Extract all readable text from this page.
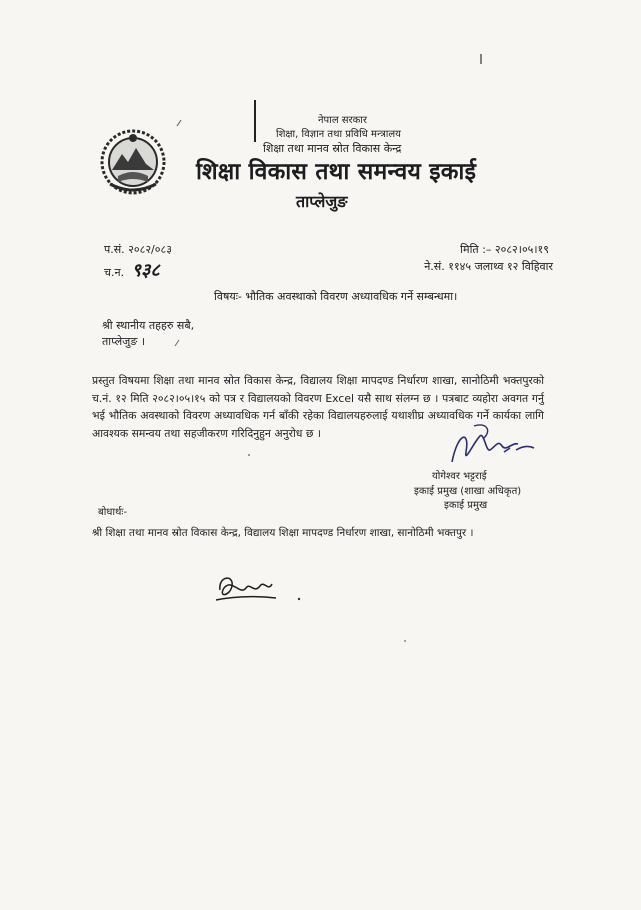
नेपाल सरकार
शिक्षा, विज्ञान तथा प्रविधि मन्त्रालय
शिक्षा तथा मानव स्रोत विकास केन्द्र
शिक्षा विकास तथा समन्वय इकाई
ताप्लेजुङ
प.सं. २०८२/०८३
च.न. ९३८
मिति :– २०८२।०५।१९
ने.सं. ११४५ जलाथ्व १२ विहिवार
विषयः- भौतिक अवस्थाको विवरण अध्यावधिक गर्ने सम्बन्धमा।
श्री स्थानीय तहहरु सबै,
ताप्लेजुङ ।
प्रस्तुत विषयमा शिक्षा तथा मानव स्रोत विकास केन्द्र, विद्यालय शिक्षा मापदण्ड निर्धारण शाखा, सानोठिमी भक्तपुरको च.नं. १२ मिति २०८२।०५।१५ को पत्र र विद्यालयको विवरण Excel यसै साथ संलग्न छ । पत्रबाट व्यहोरा अवगत गर्नु भई भौतिक अवस्थाको विवरण अध्यावधिक गर्न बाँकी रहेका विद्यालयहरुलाई यथाशीघ्र अध्यावधिक गर्ने कार्यका लागि आवश्यक समन्वय तथा सहजीकरण गरिदिनुहुन अनुरोध छ ।
योगेश्वर भट्टराई
इकाई प्रमुख (शाखा अधिकृत)
इकाई प्रमुख
बोधार्थः-
श्री शिक्षा तथा मानव स्रोत विकास केन्द्र, विद्यालय शिक्षा मापदण्ड निर्धारण शाखा, सानोठिमी भक्तपुर ।
